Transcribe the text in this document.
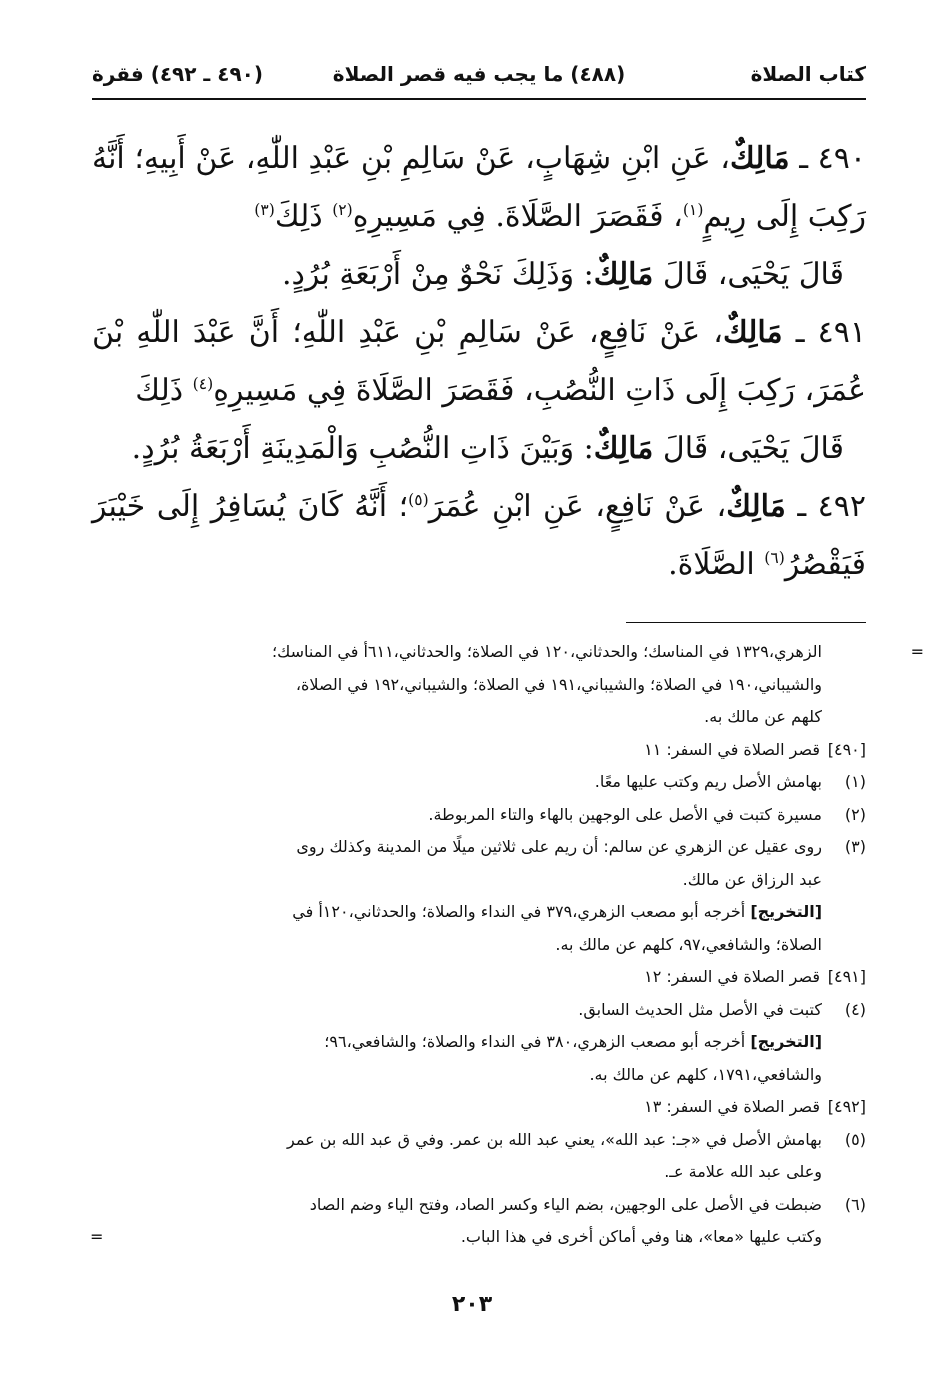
كتاب الصلاة
(٤٨٨) ما يجب فيه قصر الصلاة
(٤٩٠ ـ ٤٩٢) فقرة

٤٩٠ ـ مَالِكٌ، عَنِ ابْنِ شِهَابٍ، عَنْ سَالِمِ بْنِ عَبْدِ اللّٰهِ، عَنْ أَبِيهِ؛ أَنَّهُ رَكِبَ إِلَى رِيمٍ$^{(١)}$، فَقَصَرَ الصَّلَاةَ. فِي مَسِيرِهِ$^{(٢)}$ ذَلِكَ$^{(٣)}$

قَالَ يَحْيَى، قَالَ مَالِكٌ: وَذَلِكَ نَحْوٌ مِنْ أَرْبَعَةِ بُرُدٍ.

٤٩١ ـ مَالِكٌ، عَنْ نَافِعٍ، عَنْ سَالِمِ بْنِ عَبْدِ اللّٰهِ؛ أَنَّ عَبْدَ اللّٰهِ بْنَ عُمَرَ، رَكِبَ إِلَى ذَاتِ النُّصُبِ، فَقَصَرَ الصَّلَاةَ فِي مَسِيرِهِ$^{(٤)}$ ذَلِكَ

قَالَ يَحْيَى، قَالَ مَالِكٌ: وَبَيْنَ ذَاتِ النُّصُبِ وَالْمَدِينَةِ أَرْبَعَةُ بُرُدٍ.

٤٩٢ ـ مَالِكٌ، عَنْ نَافِعٍ، عَنِ ابْنِ عُمَرَ$^{(٥)}$؛ أَنَّهُ كَانَ يُسَافِرُ إِلَى خَيْبَرَ فَيَقْصُرُ$^{(٦)}$ الصَّلَاةَ.

=
الزهري،١٣٢٩ في المناسك؛ والحدثاني،١٢٠ في الصلاة؛ والحدثاني،٦١١أ في المناسك؛

والشيباني،١٩٠ في الصلاة؛ والشيباني،١٩١ في الصلاة؛ والشيباني،١٩٢ في الصلاة،

كلهم عن مالك به.

[٤٩٠]
قصر الصلاة في السفر: ١١

(١)
بهامش الأصل ريم وكتب عليها معًا.

(٢)
مسيرة كتبت في الأصل على الوجهين بالهاء والتاء المربوطة.

(٣)
روى عقيل عن الزهري عن سالم: أن ريم على ثلاثين ميلًا من المدينة وكذلك روى

عبد الرزاق عن مالك.

[التخريج] أخرجه أبو مصعب الزهري،٣٧٩ في النداء والصلاة؛ والحدثاني،١٢٠أ في

الصلاة؛ والشافعي،٩٧، كلهم عن مالك به.

[٤٩١]
قصر الصلاة في السفر: ١٢

(٤)
كتبت في الأصل مثل الحديث السابق.

[التخريج] أخرجه أبو مصعب الزهري،٣٨٠ في النداء والصلاة؛ والشافعي،٩٦؛

والشافعي،١٧٩١، كلهم عن مالك به.

[٤٩٢]
قصر الصلاة في السفر: ١٣

(٥)
بهامش الأصل في «جـ: عبد الله»، يعني عبد الله بن عمر. وفي ق عبد الله بن عمر

وعلى عبد الله علامة عـ.

(٦)
ضبطت في الأصل على الوجهين، بضم الياء وكسر الصاد، وفتح الياء وضم الصاد

وكتب عليها «معا»، هنا وفي أماكن أخرى في هذا الباب.
=

٢٠٣
